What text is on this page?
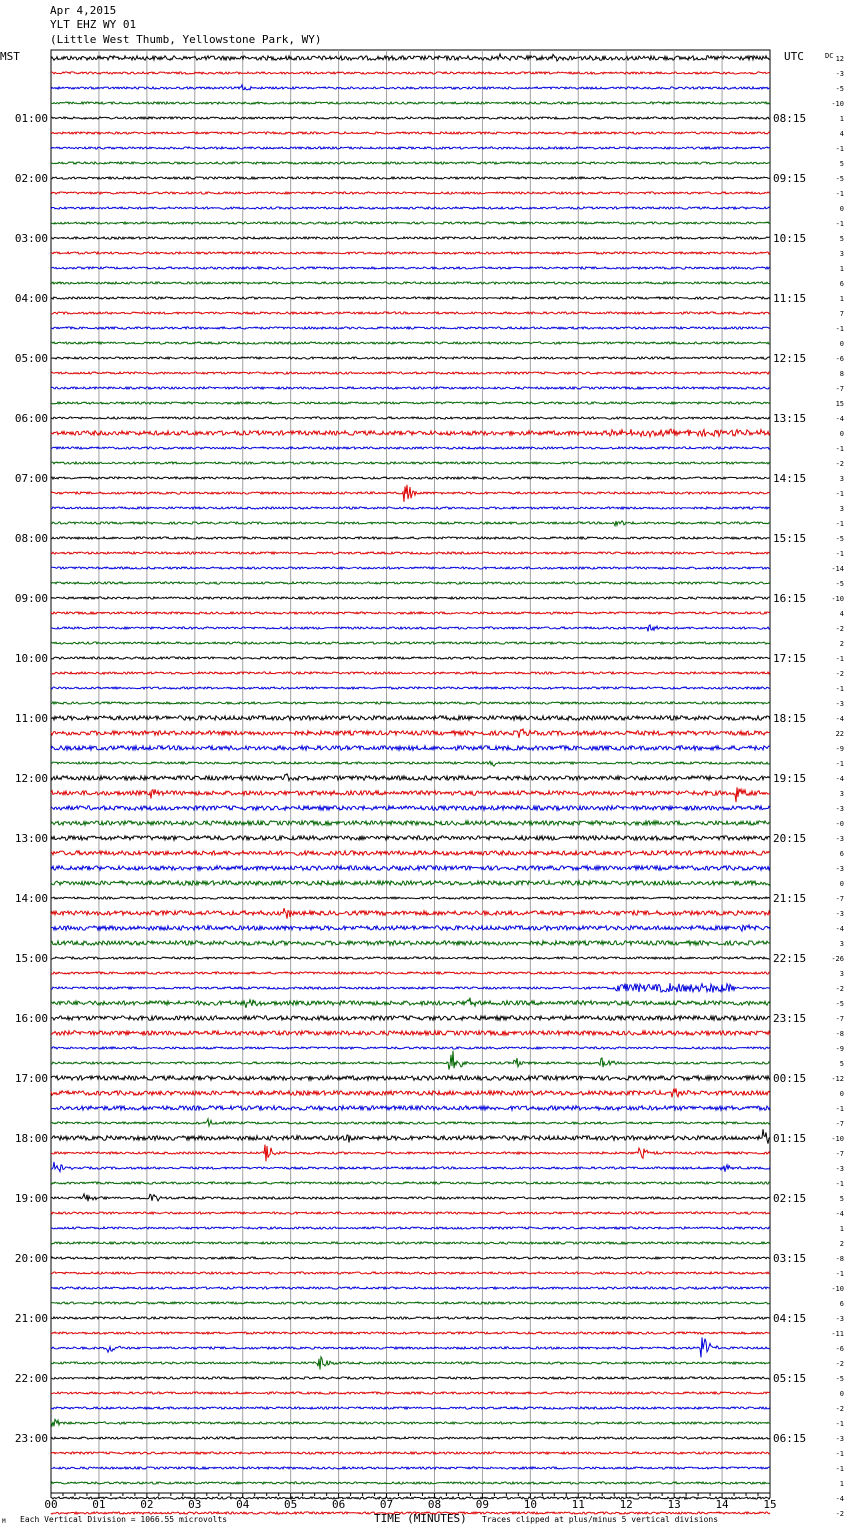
Apr 4,2015
YLT EHZ WY 01
(Little West Thumb, Yellowstone Park, WY)
12
-3
-5
-10
1
4
-1
5
-5
-1
0
-1
5
3
1
6
1
7
-1
0
-6
8
-7
15
-4
0
-1
-2
3
-1
3
-1
-5
-1
-14
-5
-10
4
-2
2
-1
-2
-1
-3
-4
22
-9
-1
-4
3
-3
-0
-3
6
-3
0
-7
-3
-4
3
-26
3
-2
-5
-7
-8
-9
5
-12
0
-1
-7
-10
-7
-3
-1
5
-4
1
2
-8
-1
-10
6
-3
-11
-6
-2
-5
0
-2
-1
-3
-1
-1
1
-4
-2
01:00	08:15
02:00	09:15
03:00	10:15
04:00	11:15
05:00	12:15
06:00	13:15
07:00	14:15
08:00	15:15
09:00	16:15
10:00	17:15
11:00	18:15
12:00	19:15
13:00	20:15
14:00	21:15
15:00	22:15
16:00	23:15
17:00	00:15
18:00	01:15
19:00	02:15
20:00	03:15
21:00	04:15
22:00	05:15
23:00	06:15
MST	UTC	DC
00	01	02	03	04	05	06	07	08	09	10	11	12	13	14	15
M Each Vertical Division = 1066.55 microvolts	TIME (MINUTES) Traces clipped at plus/minus 5 vertical divisions
